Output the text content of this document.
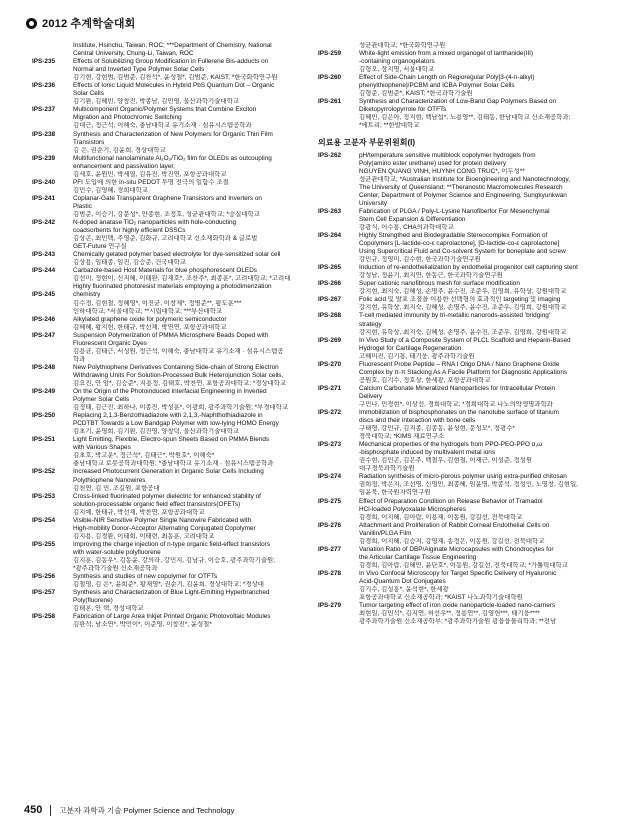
2012 추계학술대회
Institute, Hsinchu, Taiwan, ROC; ***Department of Chemistry, National
Central University, Chung-Li, Taiwan, ROC
IPS-235	Effects of Solubilizing Group Modification in Fullerene Bis-adducts on
Normal and Inverted Type Polymer Solar Cells
김기현, 강현범, 김범준, 김찬석*, 윤성철*, 김범준, KAIST; *한국화학연구원
IPS-236	Effects of Ionic Liquid Molecules in Hybrid PbS Quantum Dot – Organic
Solar Cells
김기환, 김혜빈, 양창진, 박종남, 김민영, 울산과학기술대학교
IPS-237	Multicomponent Organic/Polymer Systems that Combine Exciton
Migration and Photochromic Switching
김대근, 정근석, 이해숙, 충남대학교 유기소재 · 섬유시스템공학과
IPS-238	Synthesis and Characterization of New Polymers for Organic Thin Film
Transistors
김 은, 권순기, 김윤희, 경상대학교
IPS-239	Multifunctional nanolaminate Al₂O₃/TiO₂ film for OLEDs as outcoupling
enhancement and passivation layer,
김세호, 윤원민, 박세열, 김유진, 박진연, 포항공과대학교
IPS-240	PFI 도입에 의한 in-situ PEDOT 투명 전극의 일함수 조절
김민수, 김영혜, 경희대학교
IPS-241	Coplanar-Gate Transparent Graphene Transistors and Inverters on
Plastic
김범준, 이승기, 강문성*, 안종현, 조정호, 성균관대학교; *숭실대학교
IPS-242	N-doped anatase TiO₂ nanoparticles with hole-conducting
coadsorbents for highly efficient DSSCs
김상곤, 최민택, 주영준, 김화규, 고려대학교 신소재화학과 & 글로벌
GET-Future 연구실
IPS-243	Chemically gelated polymer based electrolyte for dye-sensitized solar cell
김상용, 임태종, 임진, 김승준, 건국대학교
IPS-244	Carbazole-based Host Materials for blue phosphorescent OLEDs
김선미, 정현이, 신지혜, 이태완, 김재호*, 조찬주*, 최종훈*, 고려대학교; *고려대
Highly fluorinated photoresist materials employing a photodimerization
IPS-245	chemistry
김수정, 김현철, 정혜영*, 이진균, 이창제*, 정병준**, 황도훈***
인하대학교; *서울대학교; **시립대학교; ***부산대학교
IPS-246	Alkylated graphene oxide for polymeric semiconductor
김혜혜, 황지헌, 한태규, 박선채, 박연연, 포항공과대학교
IPS-247	Suspension Polymerization of PMMA Microsphere Beads Doped with
Fluorescent Organic Dyes
김용균, 김태근, 서성원, 정근석, 이해숙, 충남대학교 유기소재 · 섬유시스템공
학과
IPS-248	New Polythiophene Derivatives Containing Side-chain of Strong Electron
Withdrawing Units For Solution-Processed Bulk Heterojunction Solar cells,
김요진, 안 암*, 김승준*, 지용정, 김태호, 박찬연, 포항공과대학교; *경상대학교
IPS-249	On the Origin of the Photoinduced Interfacial Engineering in Inverted
Polymer Solar Cells
김정태, 김근진, 최하나, 이종진, 박성훈*, 이광희, 광주과학기술원; *부경대학교
IPS-250	Replacing 2,1,3-Benzothiadiazole with 2,1,3,-Naphthothiadiazole in
PCDTBT Towards a Low Bandgap Polymer with low-lying HOMO Energy
김초기, 윤영희, 김기환, 김진영, 양창덕, 울산과학기술대학교
IPS-251	Light Emitting, Flexible, Electro-spun Sheets Based on PMMA Blends
with Various Shapes
김초호, 박고운*, 정근석*, 김태근*, 박원호*, 이해숙*
충남대학교 로봇공학과대학원; *충남대학교 유기소재 · 섬유시스템공학과
IPS-252	Increased Photocurrent Generation in Organic Solar Cells Including
Polythiophene Nanowires
김천연, 김 민, 조길원, 포항공대
IPS-253	Cross-linked fluorinated polymer dielectric for enhanced stability of
solution-processable organic field effect transistors(OFETs)
김지예, 한태규, 박선채, 박찬연, 포항공과대학교
IPS-254	Visible-NIR Sensitive Polymer Single Nanowire Fabricated with
High-mobility Donor-Acceptor Alternating Conjugated Copolymer
김지용, 김경환, 이태희, 이태련, 최동훈, 고려대학교
IPS-255	Improving the charge injection of n-type organic field-effect transistors
with water-soluble polyfluorene
김지훈, 김동우*, 김동윤, 강의라, 강민지, 김남규, 이승호, 광주과학기술원;
*광주과학기술원 신소재공학과
IPS-256	Synthesis and studies of new copolymer for OTFTs
김철영, 김 은*, 윤희준*, 황재영*, 권순기, 김윤희, 경상대학교; *경상대
IPS-257	Synthesis and Characterization of Blue Light-Emitting Hyperbranched
Poly(fluorene)
김태혼, 안 택, 경성대학교
IPS-258	Fabrication of Large Area Inkjet Printed Organic Photovoltaic Modules
김판석, 남소연*, 박민이*, 이준영, 이창진*, 윤성철*
성균관대학교; *한국화학연구원
IPS-259	White-light emission from a mixed organogel of lanthanide(III)
-containing organogelators
김형오, 장지명, 서울대학교
IPS-260	Effect of Side-Chain Length on Regioregular Poly[3-(4-n-alkyl)
phenylthiophene]/PCBM and ICBA Polymer Solar Cells
김형준, 김범준*, KAIST; *한국과학기술원
IPS-261	Synthesis and Characterization of Low-Band Gap Polymers Based on
Diketopyrrolopyrrole for OTFTs
김혜민, 김은아, 정지현, 백남섭*, 노용영**, 김태동, 한남대학교 신소재공학과;
*에트리; **한밭대학교
의료용 고분자 부문위원회(I)
IPS-262	pH/temperature sensitive multiblock copolymer hydrogels from
Poly(amino ester urethane) used for protein delivery
NGUYEN QUANG VINH, HUYNH CONG TRUC*, 이두성**
성균관대학교; *Australian Institute for Bioengineering and Nanotechnology,
The University of Queensland; **Theranostic Macromolecules Research
Center, Department of Polymer Science and Engineering, Sungkyunkwan
University
IPS-263	Fabrication of PLGA / Poly-L-Lysine Nanofiberfor For Mesenchymal
Stem Cell Expansion & Differentiation
강광식, 이수홍, CHA의과학대학교
IPS-264	Highly Strengthed and Biodegradable Stereocomplex Formation of
Copolymers [L-lactide-co-ε caprolactone], [D-lactide-co-ε caprolactone]
Using Supercritical Fluid and Co-solvent System for boneplate and screw
강민규, 정영미, 김수현, 한국과학기술연구원
IPS-265	Induction of re-endothelialization by endothelial progenitor cell capturing stent
강성남, 정윤기, 최지연, 한동근, 한국과학기술연구원
IPS-266	Super cationic nanofibrous mesh for surface modification
강지현, 최지숙, 김혜성, 손명주, 윤수진, 조준우, 김영희, 유학상, 강원대학교
IPS-267	Folic acid 및 발포 조절을 이용한 선택형의 효과적인 targeting 및 imaging
강지현, 유학상, 최지숙, 김혜성, 손명주, 윤수진, 조준우, 김영희, 강원대학교
IPS-268	T-cell mediated immunity by tri-metallic nanorods-assisted 'bridging'
strategy
강지현, 유학상, 최지숙, 김혜성, 손명주, 윤수진, 조준우, 김영희, 강원대학교
IPS-269	In Vivo Study of a Composite System of PLCL Scaffold and Heparin-Based
Hydrogel for Cartilage Regeneration
고혜미진, 김기홍, 태기웅, 광주과학기술원
IPS-270	Fluorescent Probe Peptide – RNA I Oligo DNA / Nano Graphene Oxide
Complex by π-π Stacking As A Facile Platform for Diagnostic Applications
공원호, 김기수, 정호상, 한세광, 포항공과대학교
IPS-271	Calcium Carbonate Mineralized Nanoparticles for Intracellular Protein
Delivery
구민나, 민경현*, 이상선, 경희대학교; *경희대학교 나노의약생명과학과
IPS-272	Immobilization of bisphosphonates on the nanotube surface of titanium
discs and their interaction with bone cells
구태형, 강민규, 김지종, 김종동, 윤성현, 문성모*, 정광수*
경북대학교; *KIMS 재료연구소
IPS-273	Mechanical properties of the hydrogels from PPO-PEO-PPO α,ω
-bisphosphate induced by multivalent metal ions
권수현, 김민곤, 김은주, 백철우, 김현철, 이재근, 이성준, 정성원
대구경북과학기술원
IPS-274	Radiation synthesis of micro-porous polymer using extra-purified chitosan
권희정, 박은지, 조선영, 신영민, 최종혜, 임윤명, 박종석, 정성인, 노영창, 김현일,
임윤묵, 한국원자력연구원
IPS-275	Effect of Preparation Condition on Release Behavior of Tramadol
HCl-loaded Polyoxalate Microspheres
김경희, 이지혜, 김아람, 이용재, 이동원, 강길선, 전북대학교
IPS-276	Attachment and Proliferation of Rabbit Corneal Endothelial Cells on
Vanillin/PLGA Film
김경희, 이지혜, 김승지, 강영재, 송정은, 이동원, 강길선, 전북대학교
IPS-277	Variation Ratio of DBP/Alginate Microcapsules with Chondrocytes for
the Articular Cartilage Tissue Engineering
김경희, 김아람, 김혜민, 윤단호*, 이동원, 강길선, 전북대학교; *가톨릭대학교
IPS-278	In Vivo Confocal Microscopy for Target Specific Delivery of Hyaluronic
Acid-Quantum Dot Conjugates
김기수, 김성홍*, 윤석현*, 한세광
포항공과대학교 신소재공학과; *KAIST 나노과학기술대학원
IPS-279	Tumor targeting effect of iron oxide nanoparticle-loaded nano-carriers
최현일, 김민석*, 김지연, 허선우**, 정용연**, 김영헌***, 태기웅****
광주과학기술원 신소재공학부; *광주과학기술원 광융융물리학과; **전남
450 고분자 과학과 기술 Polymer Science and Technology
